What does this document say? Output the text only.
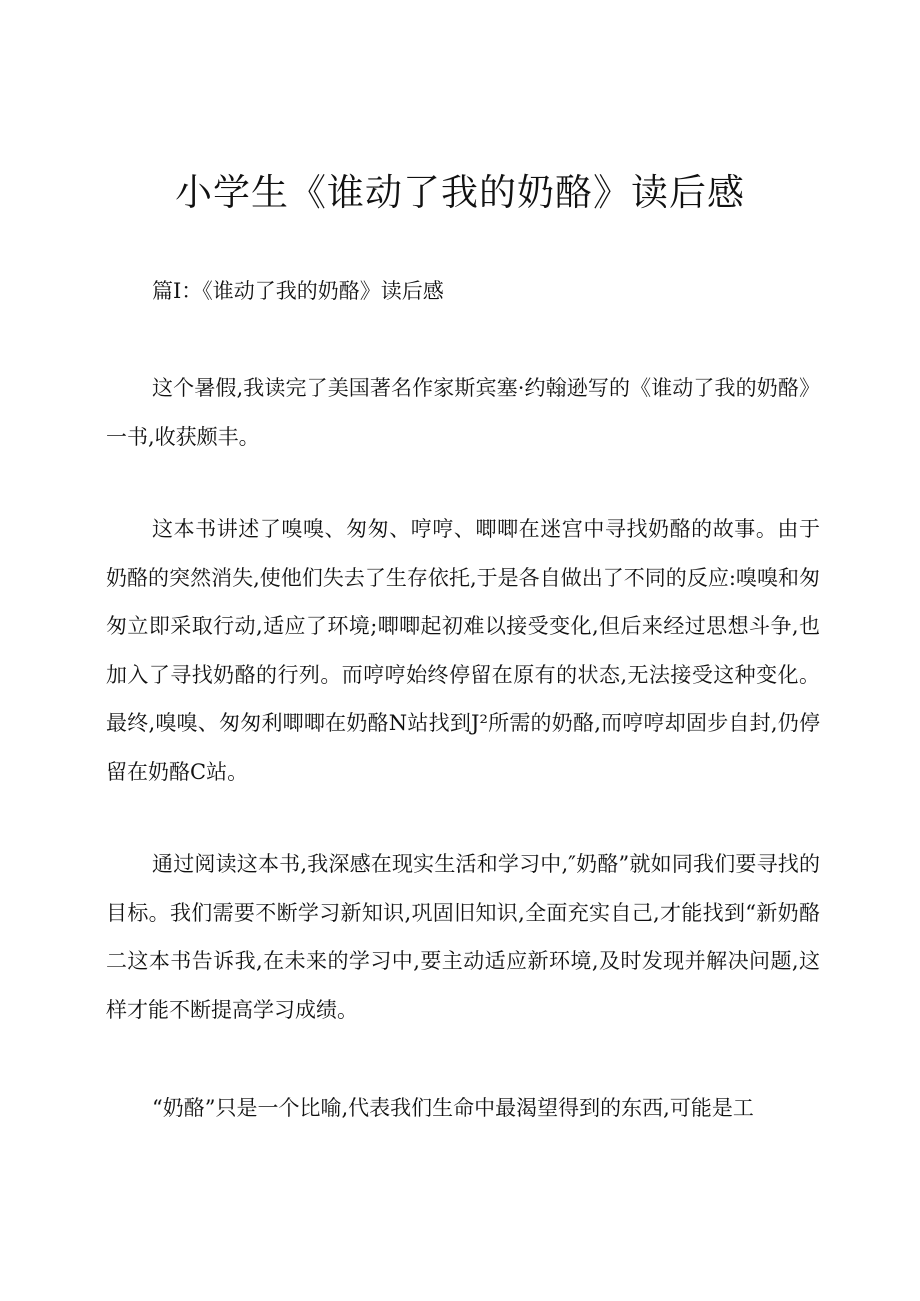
小学生《谁动了我的奶酪》读后感

篇I：《谁动了我的奶酪》读后感

这个暑假,我读完了美国著名作家斯宾塞·约翰逊写的《谁动了我的奶酪》一书,收获颇丰。

这本书讲述了嗅嗅、匆匆、哼哼、唧唧在迷宫中寻找奶酪的故事。由于奶酪的突然消失,使他们失去了生存依托,于是各自做出了不同的反应:嗅嗅和匆匆立即采取行动,适应了环境;唧唧起初难以接受变化,但后来经过思想斗争,也加入了寻找奶酪的行列。而哼哼始终停留在原有的状态,无法接受这种变化。最终,嗅嗅、匆匆利唧唧在奶酪N站找到J²所需的奶酪,而哼哼却固步自封,仍停留在奶酪C站。

通过阅读这本书,我深感在现实生活和学习中,″奶酪”就如同我们要寻找的目标。我们需要不断学习新知识,巩固旧知识,全面充实自己,才能找到“新奶酪二这本书告诉我,在未来的学习中,要主动适应新环境,及时发现并解决问题,这样才能不断提高学习成绩。

“奶酪”只是一个比喻,代表我们生命中最渴望得到的东西,可能是工
